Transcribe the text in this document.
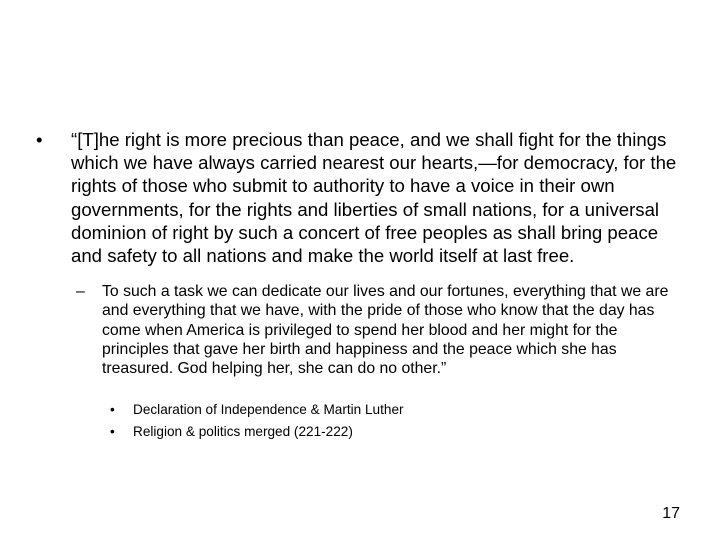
•	“[T]he right is more precious than peace, and we shall fight for the things which we have always carried nearest our hearts,—for democracy, for the rights of those who submit to authority to have a voice in their own governments, for the rights and liberties of small nations, for a universal dominion of right by such a concert of free peoples as shall bring peace and safety to all nations and make the world itself at last free.
–	To such a task we can dedicate our lives and our fortunes, everything that we are and everything that we have, with the pride of those who know that the day has come when America is privileged to spend her blood and her might for the principles that gave her birth and happiness and the peace which she has treasured. God helping her, she can do no other.”
•	Declaration of Independence & Martin Luther
•	Religion & politics merged (221-222)
17
